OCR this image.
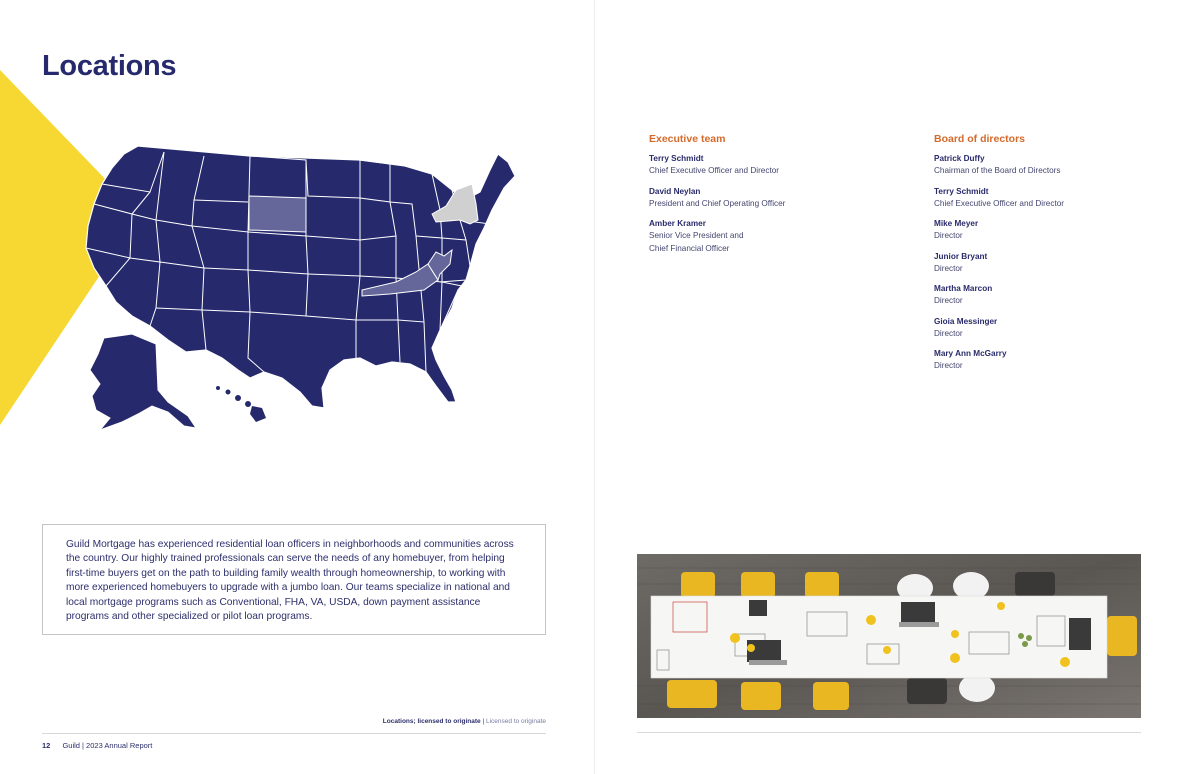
Locations

Guild Mortgage has experienced residential loan officers in neighborhoods and communities across the country. Our highly trained professionals can serve the needs of any homebuyer, from helping first-time buyers get on the path to building family wealth through homeownership, to working with more experienced homebuyers to upgrade with a jumbo loan. Our teams specialize in national and local mortgage programs such as Conventional, FHA, VA, USDA, down payment assistance programs and other specialized or pilot loan programs.

Locations; licensed to originate | Licensed to originate
12 Guild | 2023 Annual Report
Executive team
Terry Schmidt
Chief Executive Officer and Director
David Neylan
President and Chief Operating Officer
Amber Kramer
Senior Vice President and
Chief Financial Officer
Board of directors
Patrick Duffy
Chairman of the Board of Directors
Terry Schmidt
Chief Executive Officer and Director
Mike Meyer
Director
Junior Bryant
Director
Martha Marcon
Director
Gioia Messinger
Director
Mary Ann McGarry
Director
